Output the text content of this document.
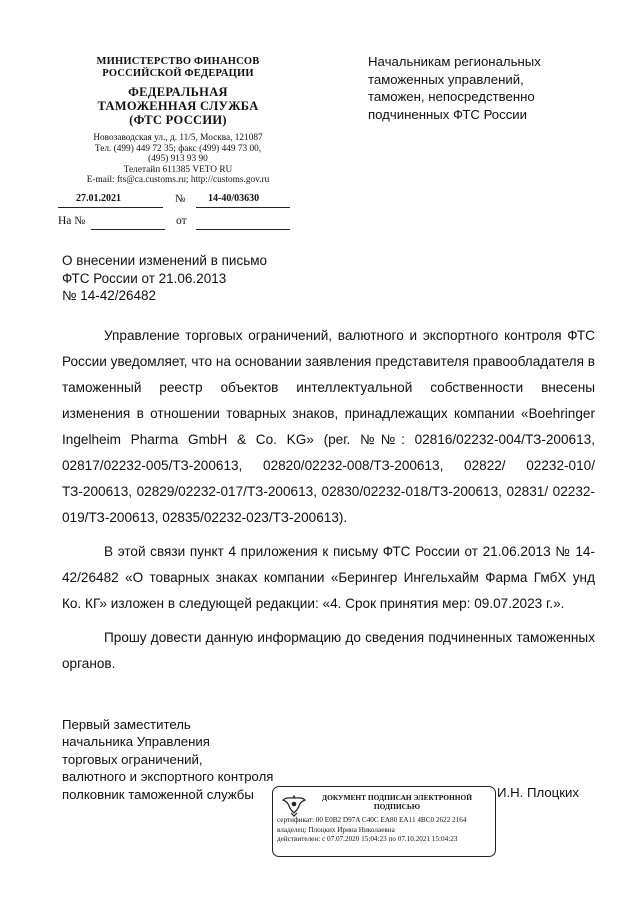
МИНИСТЕРСТВО ФИНАНСОВ
РОССИЙСКОЙ ФЕДЕРАЦИИ
ФЕДЕРАЛЬНАЯ
ТАМОЖЕННАЯ СЛУЖБА
(ФТС РОССИИ)
Новозаводская ул., д. 11/5, Москва, 121087
Тел. (499) 449 72 35; факс (499) 449 73 00,
(495) 913 93 90
Телетайп 611385 VETO RU
E-mail: fts@ca.customs.ru; http://customs.gov.ru
27.01.2021	№ 14-40/03630
На №	от
Начальникам региональных
таможенных управлений,
таможен, непосредственно
подчиненных ФТС России
О внесении изменений в письмо
ФТС России от 21.06.2013
№ 14-42/26482

Управление торговых ограничений, валютного и экспортного контроля ФТС России уведомляет, что на основании заявления представителя правообладателя в таможенный реестр объектов интеллектуальной собственности внесены изменения в отношении товарных знаков, принадлежащих компании «Boehringer Ingelheim Pharma GmbH & Co. KG» (рег. №№: 02816/02232-004/ТЗ-200613, 02817/02232-005/ТЗ-200613, 02820/02232-008/ТЗ-200613, 02822/ 02232-010/ТЗ-200613, 02829/02232-017/ТЗ-200613, 02830/02232-018/ТЗ-200613, 02831/ 02232-019/ТЗ-200613, 02835/02232-023/ТЗ-200613).

В этой связи пункт 4 приложения к письму ФТС России от 21.06.2013 № 14-42/26482 «О товарных знаках компании «Берингер Ингельхайм Фарма ГмбХ унд Ко. КГ» изложен в следующей редакции: «4. Срок принятия мер: 09.07.2023 г.».

Прошу довести данную информацию до сведения подчиненных таможенных органов.

Первый заместитель
начальника Управления
торговых ограничений,
валютного и экспортного контроля
полковник таможенной службы	И.Н. Плоцких
ДОКУМЕНТ ПОДПИСАН ЭЛЕКТРОННОЙ ПОДПИСЬЮ
сертификат: 00 E0B2 D97A C40C EA80 EA11 4BC0 2622 2164
владелец: Плоцких Ирина Николаевна
действителен: с 07.07.2020 15:04:23 по 07.10.2021 15:04:23
